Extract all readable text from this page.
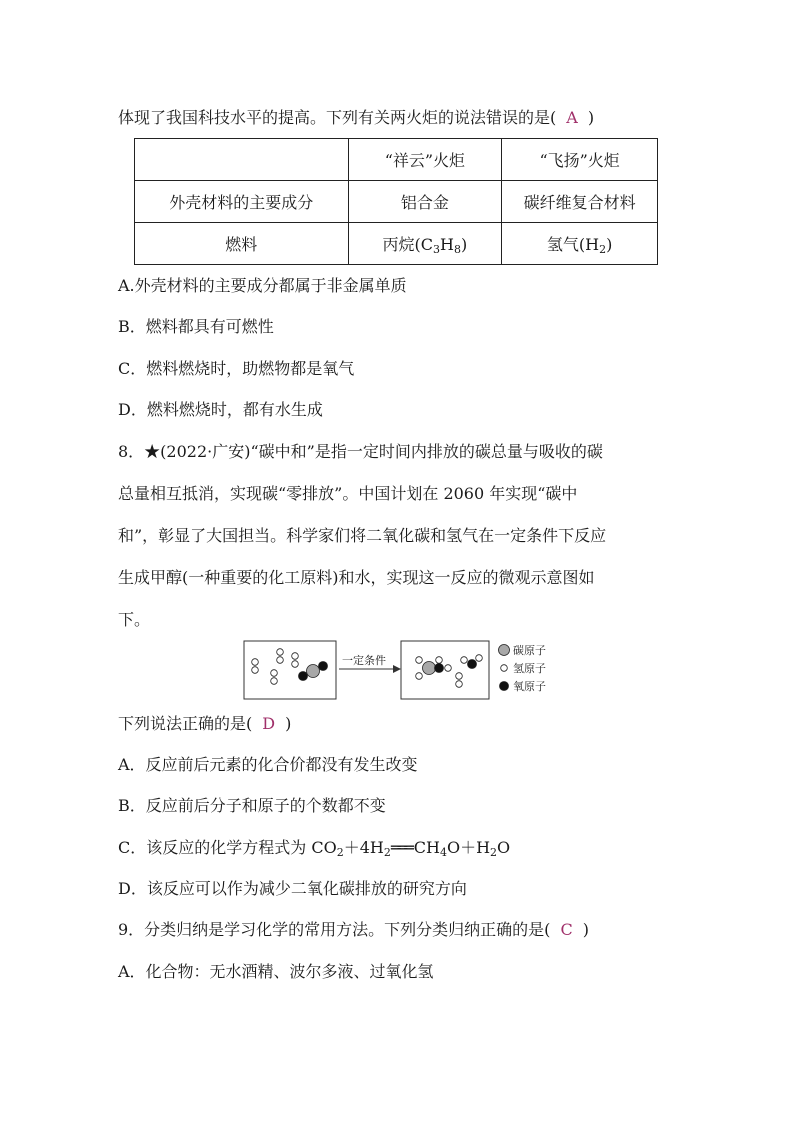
体现了我国科技水平的提高。下列有关两火炬的说法错误的是( A )
	“祥云”火炬	“飞扬”火炬
外壳材料的主要成分	铝合金	碳纤维复合材料
燃料	丙烷$(C_3H_8)$	氢气$(H_2)$
A.外壳材料的主要成分都属于非金属单质
B．燃料都具有可燃性
C．燃料燃烧时，助燃物都是氧气
D．燃料燃烧时，都有水生成
8．★(2022·广安)“碳中和”是指一定时间内排放的碳总量与吸收的碳
总量相互抵消，实现碳“零排放”。中国计划在 2060 年实现“碳中
和”，彰显了大国担当。科学家们将二氧化碳和氢气在一定条件下反应
生成甲醇(一种重要的化工原料)和水，实现这一反应的微观示意图如
下。
一定条件
碳原子
氢原子
氧原子
下列说法正确的是( D )
A．反应前后元素的化合价都没有发生改变
B．反应前后分子和原子的个数都不变
C．该反应的化学方程式为 $CO_2+4H_2═══$ $CH_4O+H_2O$
D．该反应可以作为减少二氧化碳排放的研究方向
9．分类归纳是学习化学的常用方法。下列分类归纳正确的是( C )
A．化合物：无水酒精、波尔多液、过氧化氢
